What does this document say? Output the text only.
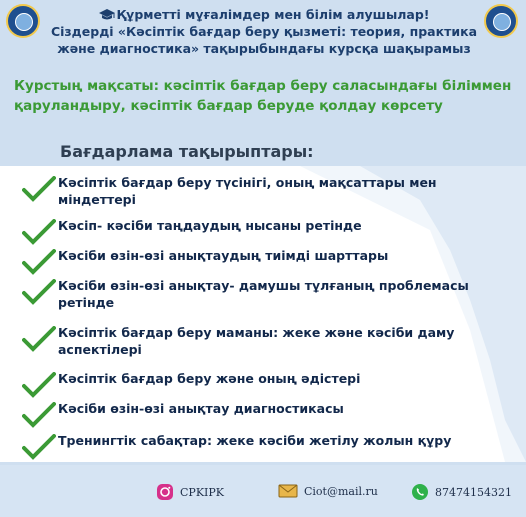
Құрметті мұғалімдер мен білім алушылар!
Сіздерді «Кәсіптік бағдар беру қызметі: теория, практика және диагностика» тақырыбындағы курсқа шақырамыз
Курстың мақсаты: кәсіптік бағдар беру саласындағы біліммен қаруландыру, кәсіптік бағдар беруде қолдау көрсету
Бағдарлама тақырыптары:
Кәсіптік бағдар беру түсінігі, оның мақсаттары мен міндеттері
Кәсіп- кәсіби таңдаудың нысаны ретінде
Кәсіби өзін-өзі анықтаудың тиімді шарттары
Кәсіби өзін-өзі анықтау- дамушы тұлғаның проблемасы ретінде
Кәсіптік бағдар беру маманы: жеке және кәсіби даму аспектілері
Кәсіптік бағдар беру және оның әдістері
Кәсіби өзін-өзі анықтау диагностикасы
Тренингтік сабақтар: жеке кәсіби жетілу жолын құру
CPKIPK	Ciot@mail.ru	87474154321
